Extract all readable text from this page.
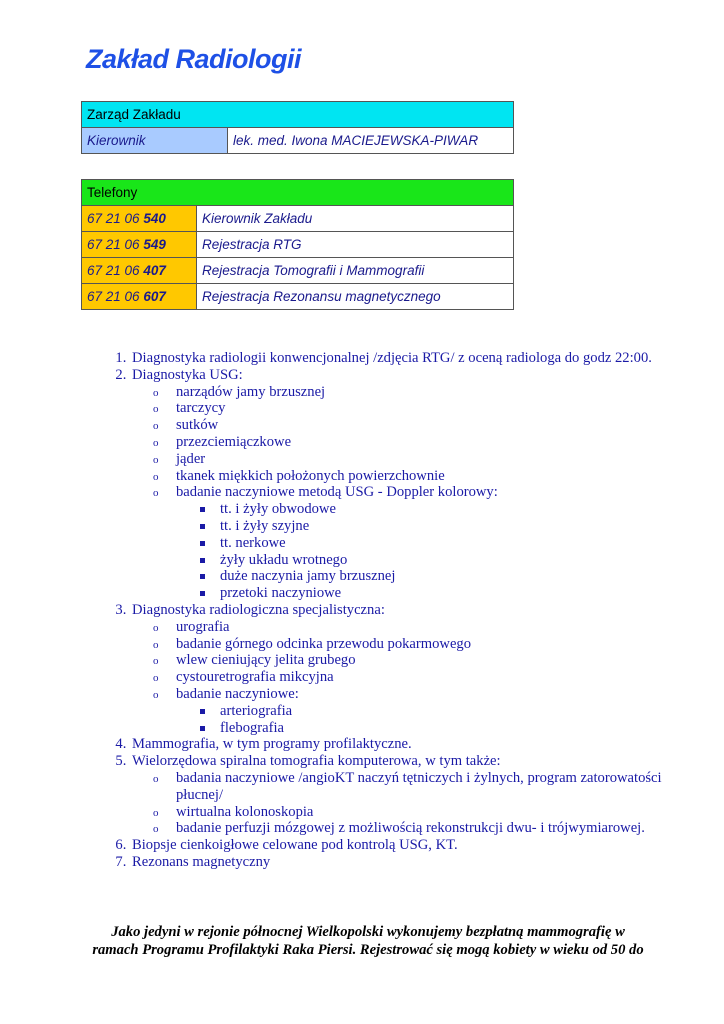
Zakład Radiologii
Zarząd Zakładu
Kierownik	lek. med. Iwona MACIEJEWSKA-PIWAR
Telefony	
67 21 06 540	Kierownik Zakładu
67 21 06 549	Rejestracja RTG
67 21 06 407	Rejestracja Tomografii i Mammografii
67 21 06 607	Rejestracja Rezonansu magnetycznego
1. Diagnostyka radiologii konwencjonalnej /zdjęcia RTG/ z oceną radiologa do godz 22:00.
2. Diagnostyka USG:
o narządów jamy brzusznej
o tarczycy
o sutków
o przezciemiączkowe
o jąder
o tkanek miękkich położonych powierzchownie
o badanie naczyniowe metodą USG - Doppler kolorowy:
tt. i żyły obwodowe
tt. i żyły szyjne
tt. nerkowe
żyły układu wrotnego
duże naczynia jamy brzusznej
przetoki naczyniowe
3. Diagnostyka radiologiczna specjalistyczna:
o urografia
o badanie górnego odcinka przewodu pokarmowego
o wlew cieniujący jelita grubego
o cystouretrografia mikcyjna
o badanie naczyniowe:
arteriografia
flebografia
4. Mammografia, w tym programy profilaktyczne.
5. Wielorzędowa spiralna tomografia komputerowa, w tym także:
o badania naczyniowe /angioKT naczyń tętniczych i żylnych, program zatorowatości płucnej/
o wirtualna kolonoskopia
o badanie perfuzji mózgowej z możliwością rekonstrukcji dwu- i trójwymiarowej.
6. Biopsje cienkoigłowe celowane pod kontrolą USG, KT.
7. Rezonans magnetyczny
Jako jedyni w rejonie północnej Wielkopolski wykonujemy bezpłatną mammografię w ramach Programu Profilaktyki Raka Piersi. Rejestrować się mogą kobiety w wieku od 50 do
